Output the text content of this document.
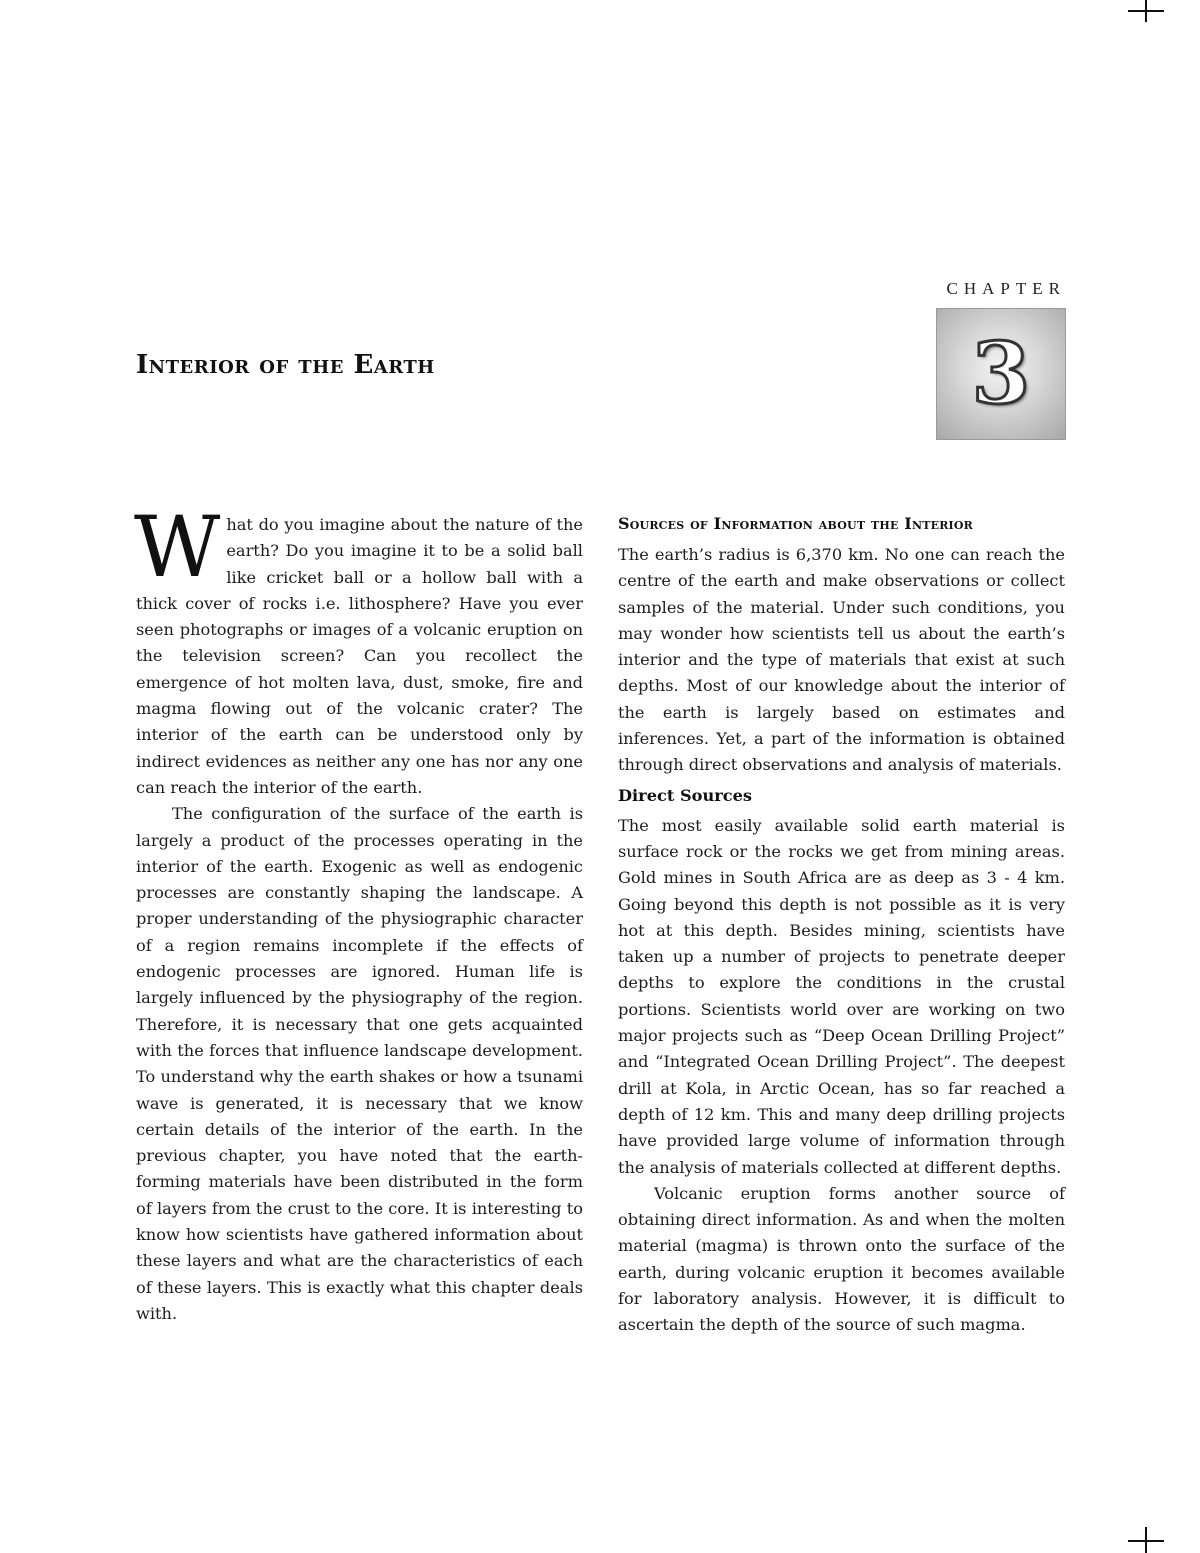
CHAPTER
3
Interior of the Earth

What do you imagine about the nature of the earth? Do you imagine it to be a solid ball like cricket ball or a hollow ball with a thick cover of rocks i.e. lithosphere? Have you ever seen photographs or images of a volcanic eruption on the television screen? Can you recollect the emergence of hot molten lava, dust, smoke, fire and magma flowing out of the volcanic crater? The interior of the earth can be understood only by indirect evidences as neither any one has nor any one can reach the interior of the earth.

The configuration of the surface of the earth is largely a product of the processes operating in the interior of the earth. Exogenic as well as endogenic processes are constantly shaping the landscape. A proper understanding of the physiographic character of a region remains incomplete if the effects of endogenic processes are ignored. Human life is largely influenced by the physiography of the region. Therefore, it is necessary that one gets acquainted with the forces that influence landscape development. To understand why the earth shakes or how a tsunami wave is generated, it is necessary that we know certain details of the interior of the earth. In the previous chapter, you have noted that the earth-forming materials have been distributed in the form of layers from the crust to the core. It is interesting to know how scientists have gathered information about these layers and what are the characteristics of each of these layers. This is exactly what this chapter deals with.

Sources of Information about the Interior

The earth’s radius is 6,370 km. No one can reach the centre of the earth and make observations or collect samples of the material. Under such conditions, you may wonder how scientists tell us about the earth’s interior and the type of materials that exist at such depths. Most of our knowledge about the interior of the earth is largely based on estimates and inferences. Yet, a part of the information is obtained through direct observations and analysis of materials.

Direct Sources

The most easily available solid earth material is surface rock or the rocks we get from mining areas. Gold mines in South Africa are as deep as 3 - 4 km. Going beyond this depth is not possible as it is very hot at this depth. Besides mining, scientists have taken up a number of projects to penetrate deeper depths to explore the conditions in the crustal portions. Scientists world over are working on two major projects such as “Deep Ocean Drilling Project” and “Integrated Ocean Drilling Project”. The deepest drill at Kola, in Arctic Ocean, has so far reached a depth of 12 km. This and many deep drilling projects have provided large volume of information through the analysis of materials collected at different depths.

Volcanic eruption forms another source of obtaining direct information. As and when the molten material (magma) is thrown onto the surface of the earth, during volcanic eruption it becomes available for laboratory analysis. However, it is difficult to ascertain the depth of the source of such magma.
